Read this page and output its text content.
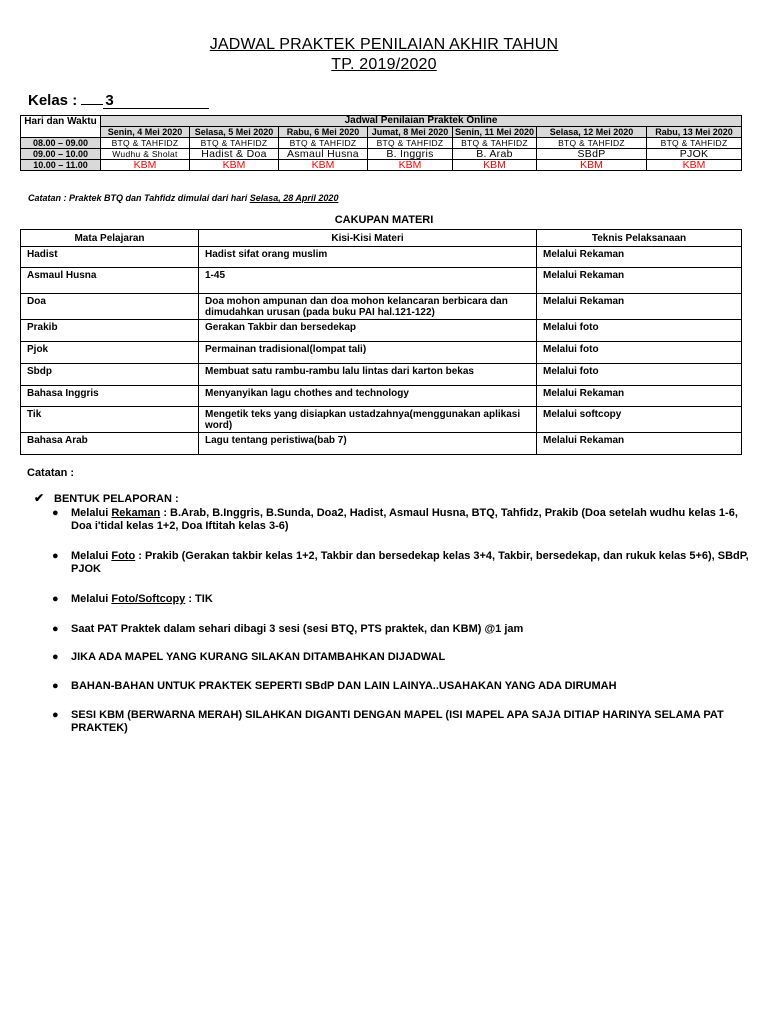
JADWAL PRAKTEK PENILAIAN AKHIR TAHUN
TP. 2019/2020
Kelas : 3
Hari dan Waktu	Jadwal Penilaian Praktek Online						
	Senin, 4 Mei 2020	Selasa, 5 Mei 2020	Rabu, 6 Mei 2020	Jumat, 8 Mei 2020	Senin, 11 Mei 2020	Selasa, 12 Mei 2020	Rabu, 13 Mei 2020
08.00 – 09.00	BTQ & TAHFIDZ	BTQ & TAHFIDZ	BTQ & TAHFIDZ	BTQ & TAHFIDZ	BTQ & TAHFIDZ	BTQ & TAHFIDZ	BTQ & TAHFIDZ
09.00 – 10.00	Wudhu & Sholat	Hadist & Doa	Asmaul Husna	B. Inggris	B. Arab	SBdP	PJOK
10.00 – 11.00	KBM	KBM	KBM	KBM	KBM	KBM	KBM
Catatan : Praktek BTQ dan Tahfidz dimulai dari hari Selasa, 28 April 2020
CAKUPAN MATERI
Mata Pelajaran	Kisi-Kisi Materi	Teknis Pelaksanaan
Hadist	Hadist sifat orang muslim	Melalui Rekaman
Asmaul Husna	1-45	Melalui Rekaman
Doa	Doa mohon ampunan dan doa mohon kelancaran berbicara dan dimudahkan urusan (pada buku PAI hal.121-122)	Melalui Rekaman
Prakib	Gerakan Takbir dan bersedekap	Melalui foto
Pjok	Permainan tradisional(lompat tali)	Melalui foto
Sbdp	Membuat satu rambu-rambu lalu lintas dari karton bekas	Melalui foto
Bahasa Inggris	Menyanyikan lagu chothes and technology	Melalui Rekaman
Tik	Mengetik teks yang disiapkan ustadzahnya(menggunakan aplikasi word)	Melalui softcopy
Bahasa Arab	Lagu tentang peristiwa(bab 7)	Melalui Rekaman
Catatan :
✔ BENTUK PELAPORAN :
● Melalui Rekaman : B.Arab, B.Inggris, B.Sunda, Doa2, Hadist, Asmaul Husna, BTQ, Tahfidz, Prakib (Doa setelah wudhu kelas 1-6, Doa i'tidal kelas 1+2, Doa Iftitah kelas 3-6)
● Melalui Foto : Prakib (Gerakan takbir kelas 1+2, Takbir dan bersedekap kelas 3+4, Takbir, bersedekap, dan rukuk kelas 5+6), SBdP, PJOK
● Melalui Foto/Softcopy : TIK
● Saat PAT Praktek dalam sehari dibagi 3 sesi (sesi BTQ, PTS praktek, dan KBM) @1 jam
● JIKA ADA MAPEL YANG KURANG SILAKAN DITAMBAHKAN DIJADWAL
● BAHAN-BAHAN UNTUK PRAKTEK SEPERTI SBdP DAN LAIN LAINYA..USAHAKAN YANG ADA DIRUMAH
● SESI KBM (BERWARNA MERAH) SILAHKAN DIGANTI DENGAN MAPEL (ISI MAPEL APA SAJA DITIAP HARINYA SELAMA PAT PRAKTEK)
